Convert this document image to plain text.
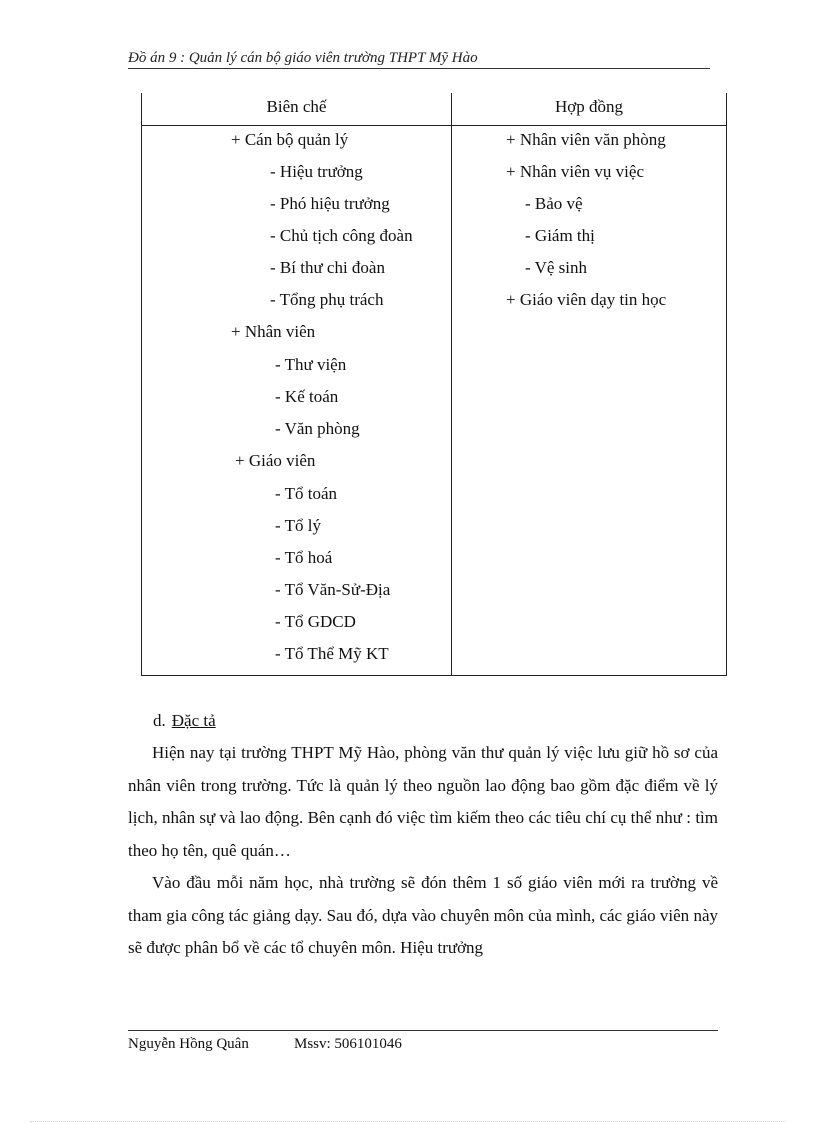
Đồ án 9 : Quản lý cán bộ giáo viên trường THPT Mỹ Hào
Biên chế	Hợp đồng
+ Cán bộ quản lý
- Hiệu trưởng
- Phó hiệu trưởng
- Chủ tịch công đoàn
- Bí thư chi đoàn
- Tổng phụ trách
+ Nhân viên
- Thư viện
- Kế toán
- Văn phòng
+ Giáo viên
- Tổ toán
- Tổ lý
- Tổ hoá
- Tổ Văn-Sử-Địa
- Tổ GDCD
- Tổ Thể Mỹ KT
+ Nhân viên văn phòng
+ Nhân viên vụ việc
- Bảo vệ
- Giám thị
- Vệ sinh
+ Giáo viên dạy tin học
d. Đặc tả

Hiện nay tại trường THPT Mỹ Hào, phòng văn thư quản lý việc lưu giữ hồ sơ của nhân viên trong trường. Tức là quản lý theo nguồn lao động bao gồm đặc điểm về lý lịch, nhân sự và lao động. Bên cạnh đó việc tìm kiếm theo các tiêu chí cụ thể như : tìm theo họ tên, quê quán…

Vào đầu mỗi năm học, nhà trường sẽ đón thêm 1 số giáo viên mới ra trường về tham gia công tác giảng dạy. Sau đó, dựa vào chuyên môn của mình, các giáo viên này sẽ được phân bổ về các tổ chuyên môn. Hiệu trưởng

Nguyễn Hồng Quân	Mssv: 506101046
